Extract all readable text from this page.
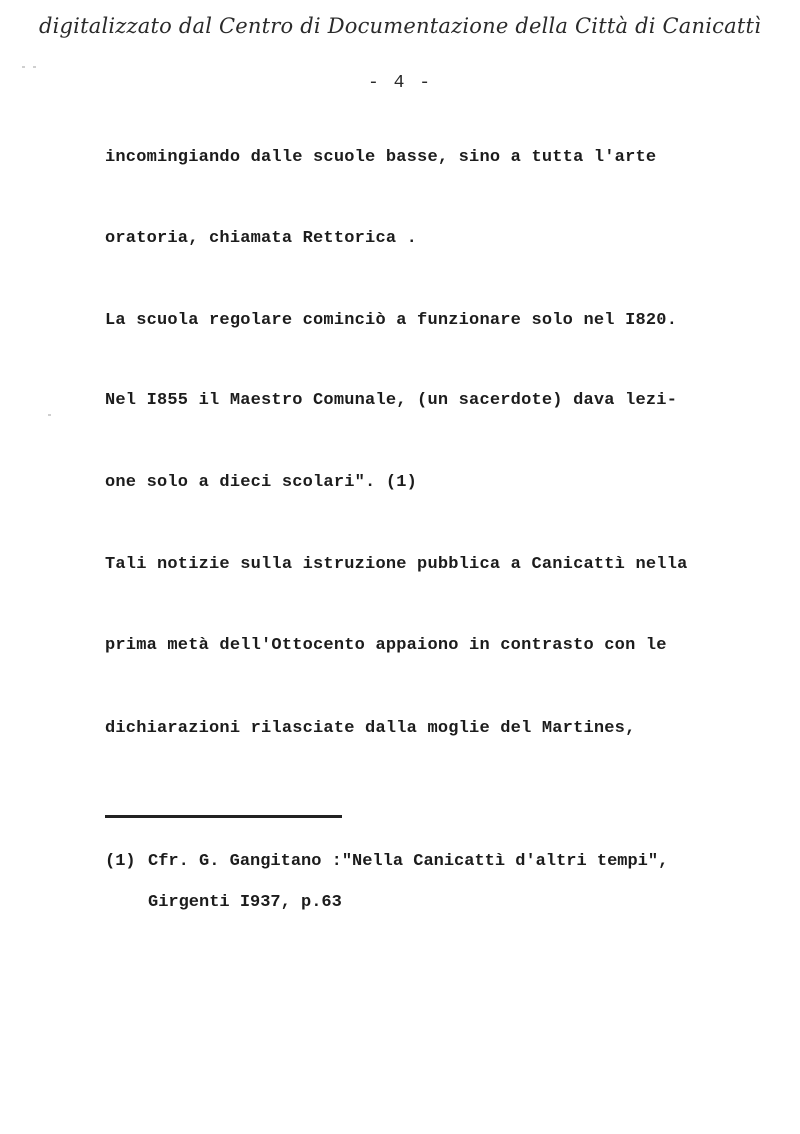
digitalizzato dal Centro di Documentazione della Città di Canicattì
- 4 -
incomingiando dalle scuole basse, sino a tutta l'arte
oratoria, chiamata Rettorica .
La scuola regolare cominciò a funzionare solo nel I820.
Nel I855 il Maestro Comunale, (un sacerdote) dava lezi-
one solo a dieci scolari". (1)
Tali notizie sulla istruzione pubblica a Canicattì nella
prima metà dell'Ottocento appaiono in contrasto con le
dichiarazioni rilasciate dalla moglie del Martines,
(1) Cfr. G. Gangitano :"Nella Canicattì d'altri tempi",
Girgenti I937, p.63
